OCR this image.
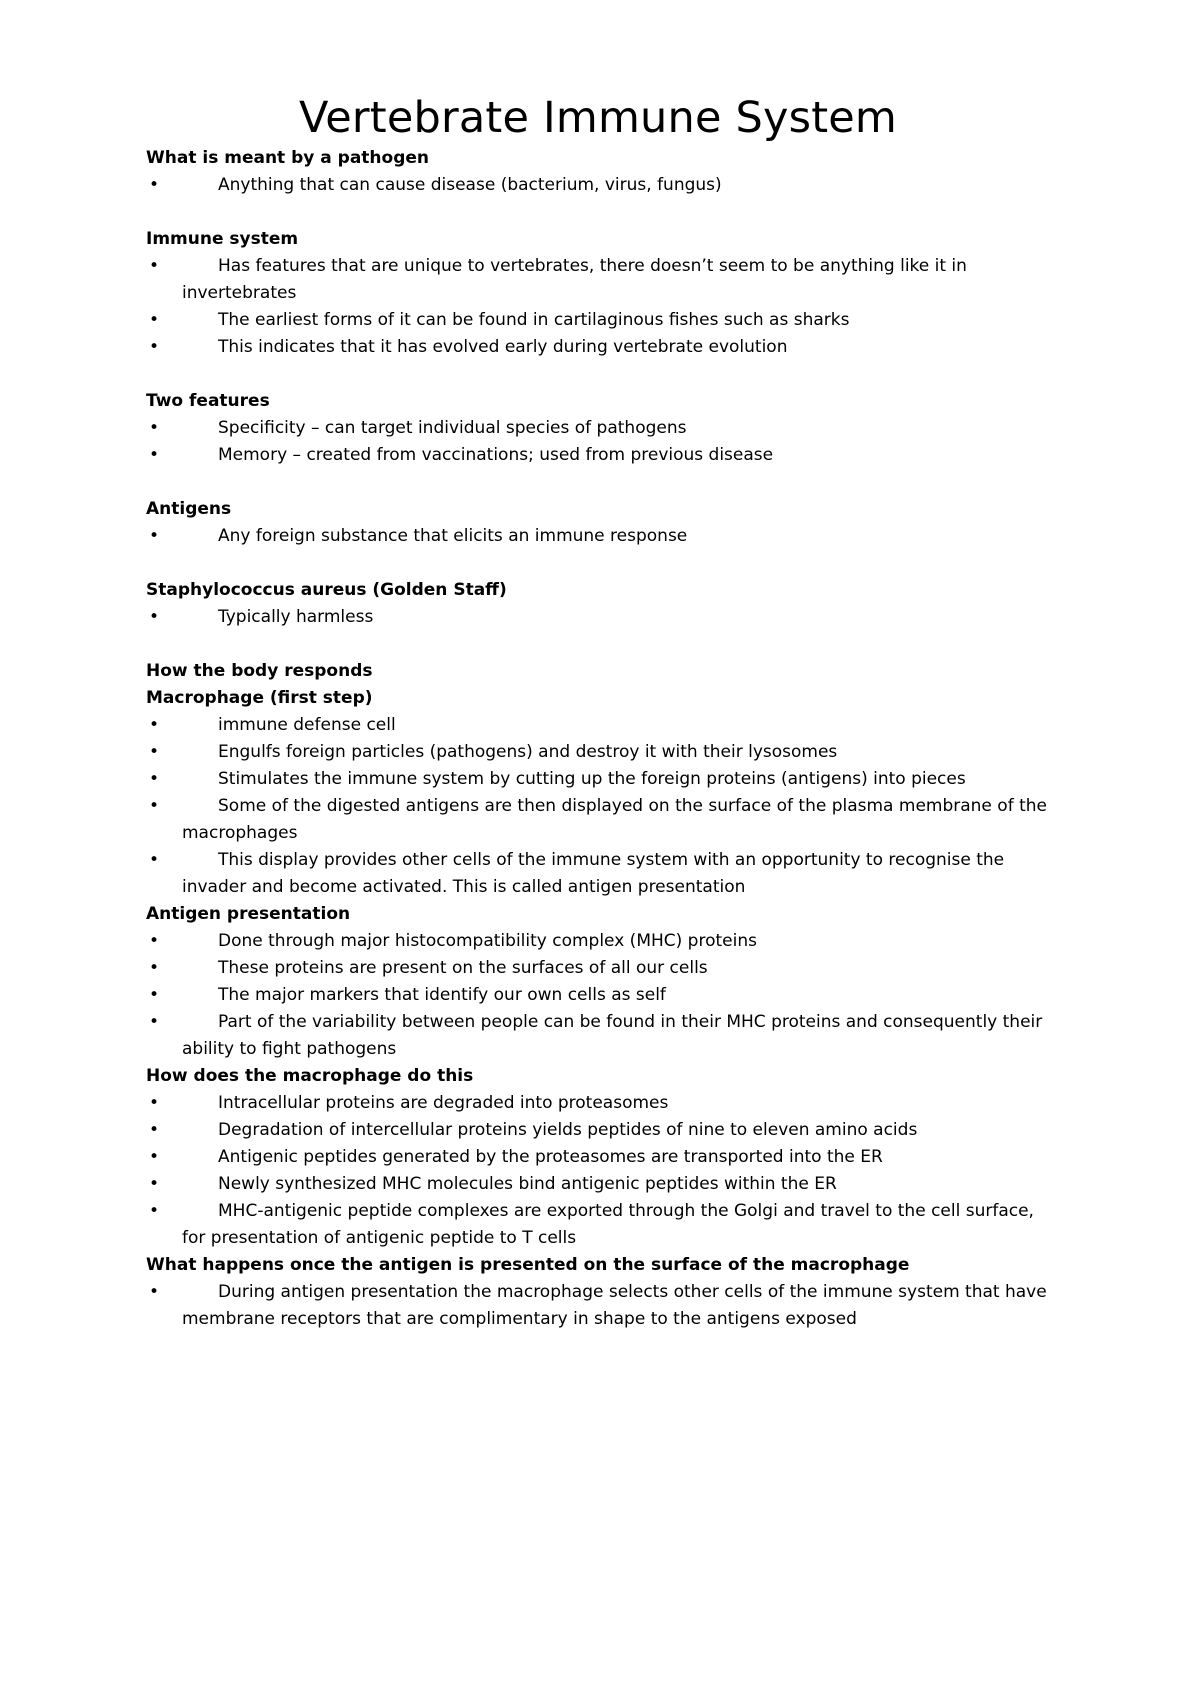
Vertebrate Immune System
What is meant by a pathogen
•	Anything that can cause disease (bacterium, virus, fungus)
Immune system
•	Has features that are unique to vertebrates, there doesn’t seem to be anything like it in invertebrates
•	The earliest forms of it can be found in cartilaginous fishes such as sharks
•	This indicates that it has evolved early during vertebrate evolution
Two features
•	Specificity – can target individual species of pathogens
•	Memory – created from vaccinations; used from previous disease
Antigens
•	Any foreign substance that elicits an immune response
Staphylococcus aureus (Golden Staff)
•	Typically harmless
How the body responds
Macrophage (first step)
•	immune defense cell
•	Engulfs foreign particles (pathogens) and destroy it with their lysosomes
•	Stimulates the immune system by cutting up the foreign proteins (antigens) into pieces
•	Some of the digested antigens are then displayed on the surface of the plasma membrane of the macrophages
•	This display provides other cells of the immune system with an opportunity to recognise the invader and become activated. This is called antigen presentation
Antigen presentation
•	Done through major histocompatibility complex (MHC) proteins
•	These proteins are present on the surfaces of all our cells
•	The major markers that identify our own cells as self
•	Part of the variability between people can be found in their MHC proteins and consequently their ability to fight pathogens
How does the macrophage do this
•	Intracellular proteins are degraded into proteasomes
•	Degradation of intercellular proteins yields peptides of nine to eleven amino acids
•	Antigenic peptides generated by the proteasomes are transported into the ER
•	Newly synthesized MHC molecules bind antigenic peptides within the ER
•	MHC-antigenic peptide complexes are exported through the Golgi and travel to the cell surface, for presentation of antigenic peptide to T cells
What happens once the antigen is presented on the surface of the macrophage
•	During antigen presentation the macrophage selects other cells of the immune system that have membrane receptors that are complimentary in shape to the antigens exposed
